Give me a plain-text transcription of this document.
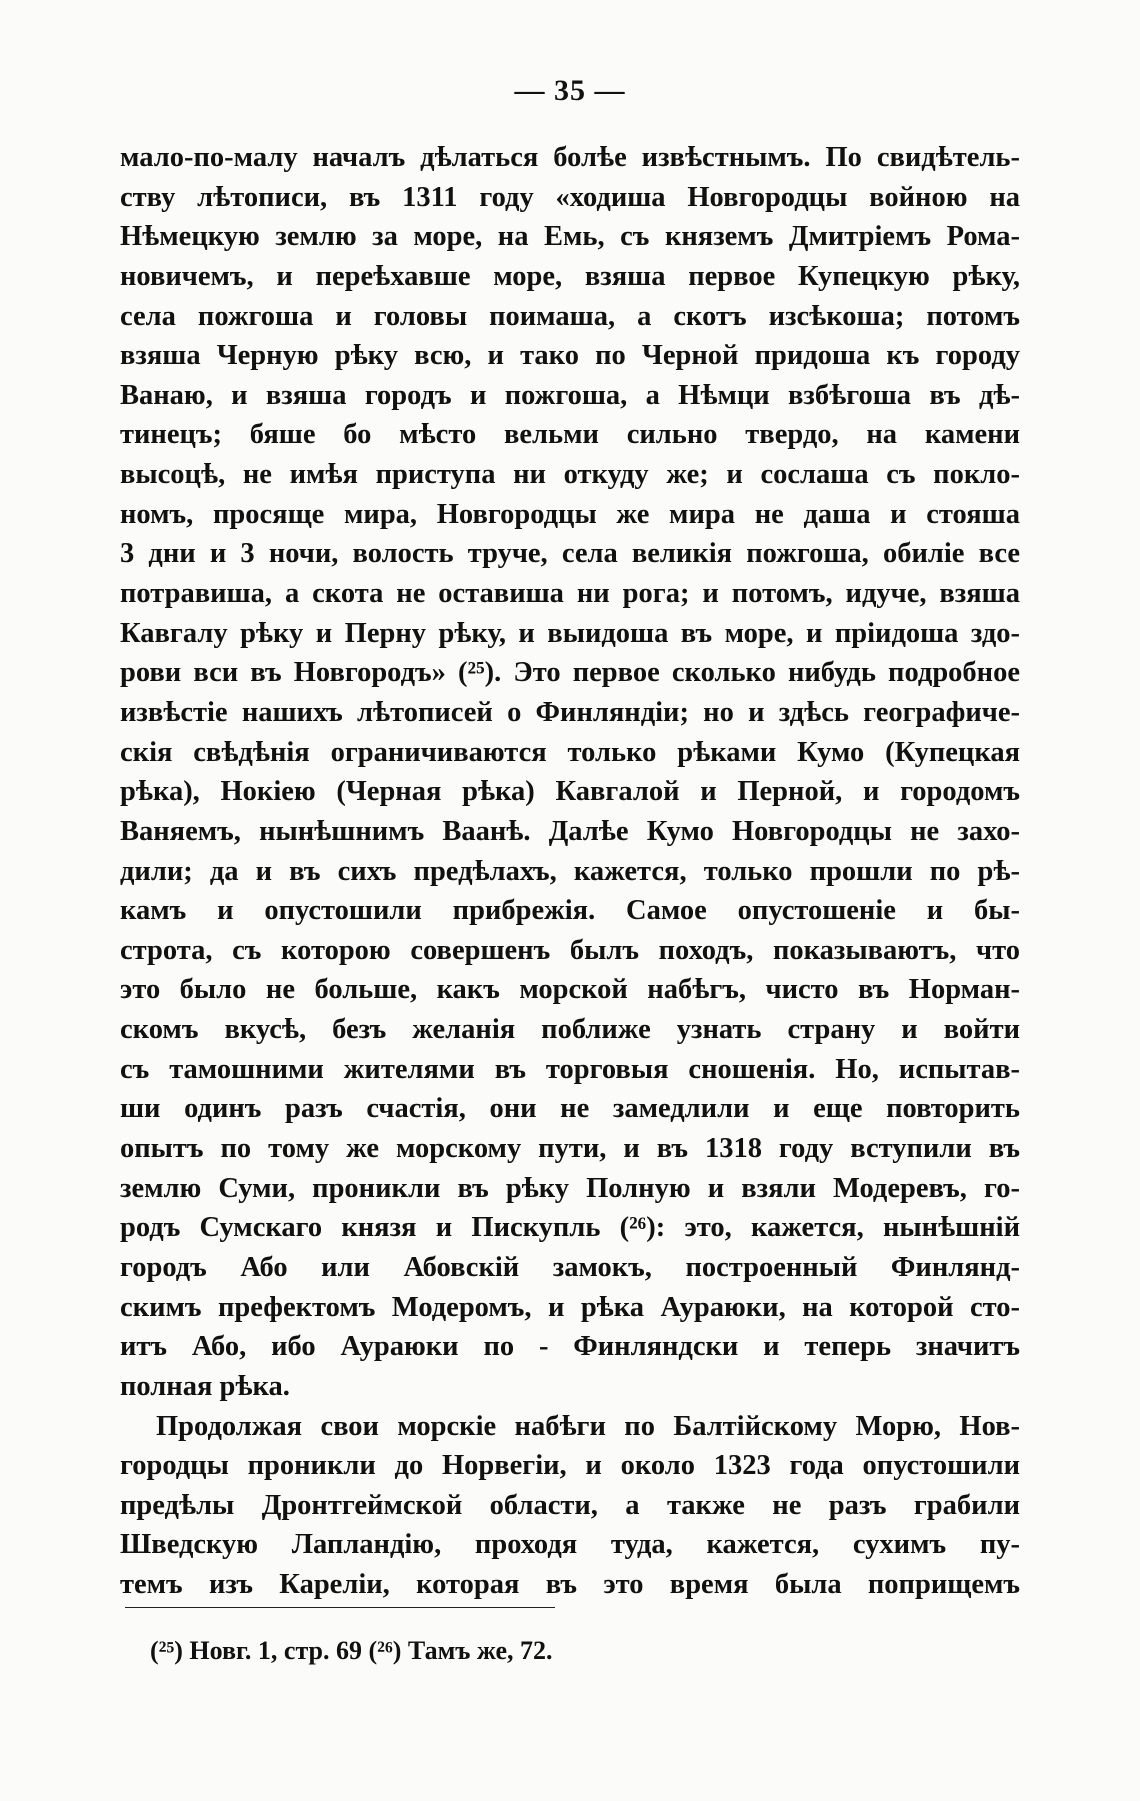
— 35 —
мало-по-малу началъ дѣлаться болѣе извѣстнымъ. По свидѣтель-
ству лѣтописи, въ 1311 году «ходиша Новгородцы войною на
Нѣмецкую землю за море, на Емь, съ княземъ Дмитріемъ Рома-
новичемъ, и переѣхавше море, взяша первое Купецкую рѣку,
села пожгоша и головы поимаша, а скотъ изсѣкоша; потомъ
взяша Черную рѣку всю, и тако по Черной придоша къ городу
Ванаю, и взяша городъ и пожгоша, а Нѣмци взбѣгоша въ дѣ-
тинецъ; бяше бо мѣсто вельми сильно твердо, на камени
высоцѣ, не имѣя приступа ни откуду же; и сослаша съ покло-
номъ, просяще мира, Новгородцы же мира не даша и стояша
3 дни и 3 ночи, волость труче, села великія пожгоша, обиліе все
потравиша, а скота не оставиша ни рога; и потомъ, идуче, взяша
Кавгалу рѣку и Перну рѣку, и выидоша въ море, и пріидоша здо-
рови вси въ Новгородъ» (²⁵). Это первое сколько нибудь подробное
извѣстіе нашихъ лѣтописей о Финляндіи; но и здѣсь географиче-
скія свѣдѣнія ограничиваются только рѣками Кумо (Купецкая
рѣка), Нокіею (Черная рѣка) Кавгалой и Перной, и городомъ
Ваняемъ, нынѣшнимъ Ваанѣ. Далѣе Кумо Новгородцы не захо-
дили; да и въ сихъ предѣлахъ, кажется, только прошли по рѣ-
камъ и опустошили прибрежія. Самое опустошеніе и бы-
строта, съ которою совершенъ былъ походъ, показываютъ, что
это было не больше, какъ морской набѣгъ, чисто въ Норман-
скомъ вкусѣ, безъ желанія поближе узнать страну и войти
съ тамошними жителями въ торговыя сношенія. Но, испытав-
ши одинъ разъ счастія, они не замедлили и еще повторить
опытъ по тому же морскому пути, и въ 1318 году вступили въ
землю Суми, проникли въ рѣку Полную и взяли Модеревъ, го-
родъ Сумскаго князя и Пискупль (²⁶): это, кажется, нынѣшній
городъ Або или Абовскій замокъ, построенный Финлянд-
скимъ префектомъ Модеромъ, и рѣка Аураюки, на которой сто-
итъ Або, ибо Аураюки по - Финляндски и теперь значитъ
полная рѣка.
Продолжая свои морскіе набѣги по Балтійскому Морю, Нов-
городцы проникли до Норвегіи, и около 1323 года опустошили
предѣлы Дронтгеймской области, а также не разъ грабили
Шведскую Лапландію, проходя туда, кажется, сухимъ пу-
темъ изъ Кареліи, которая въ это время была поприщемъ
(²⁵) Новг. 1, стр. 69 (²⁶) Тамъ же, 72.
